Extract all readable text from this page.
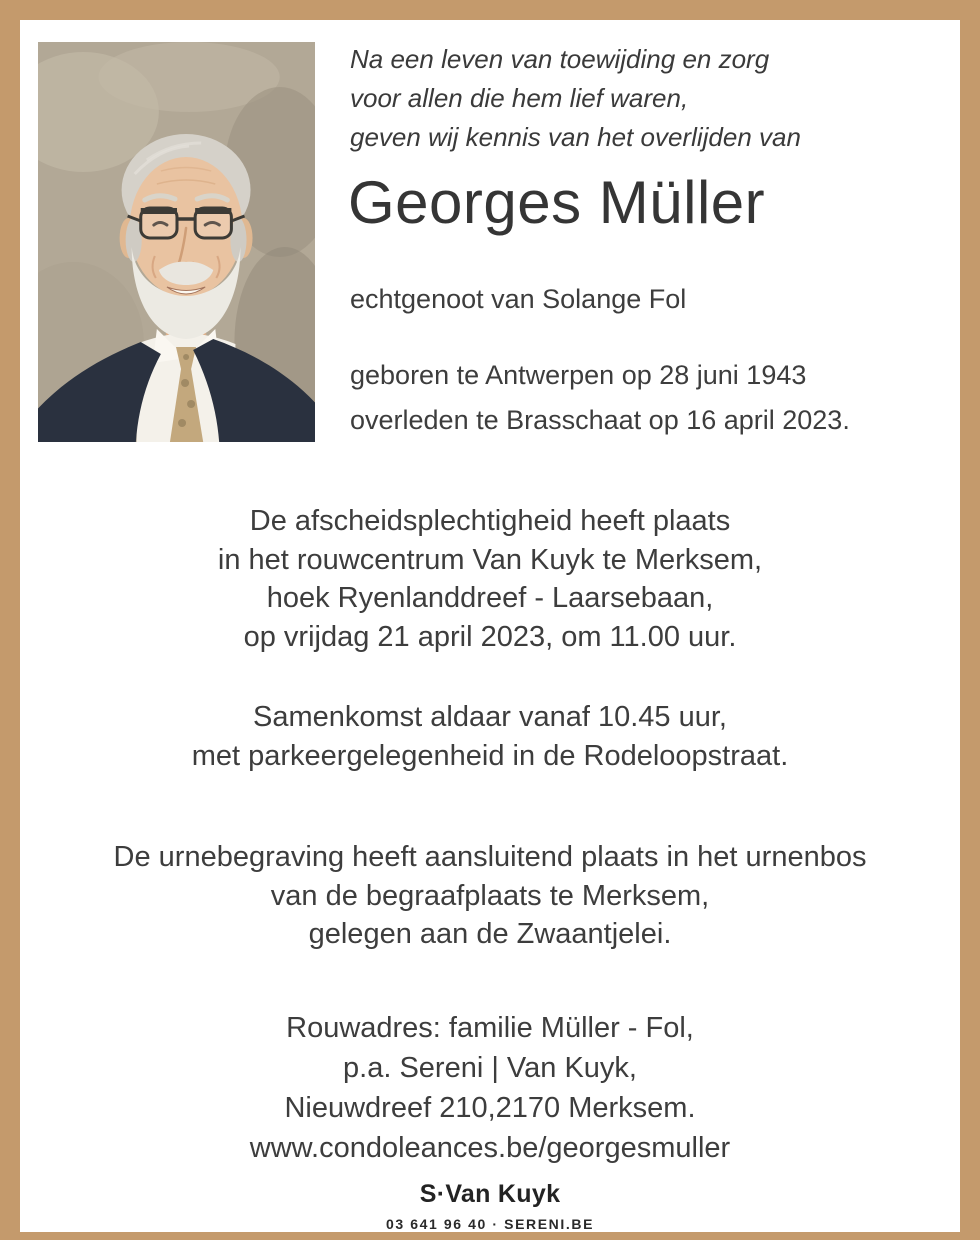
Na een leven van toewijding en zorg
voor allen die hem lief waren,
geven wij kennis van het overlijden van
Georges Müller
echtgenoot van Solange Fol
geboren te Antwerpen op 28 juni 1943
overleden te Brasschaat op 16 april 2023.
De afscheidsplechtigheid heeft plaats
in het rouwcentrum Van Kuyk te Merksem,
hoek Ryenlanddreef - Laarsebaan,
op vrijdag 21 april 2023, om 11.00 uur.
Samenkomst aldaar vanaf 10.45 uur,
met parkeergelegenheid in de Rodeloopstraat.
De urnebegraving heeft aansluitend plaats in het urnenbos
van de begraafplaats te Merksem,
gelegen aan de Zwaantjelei.
Rouwadres: familie Müller - Fol,
p.a. Sereni | Van Kuyk,
Nieuwdreef 210,2170 Merksem.
www.condoleances.be/georgesmuller
S·Van Kuyk
03 641 96 40 · SERENI.BE
